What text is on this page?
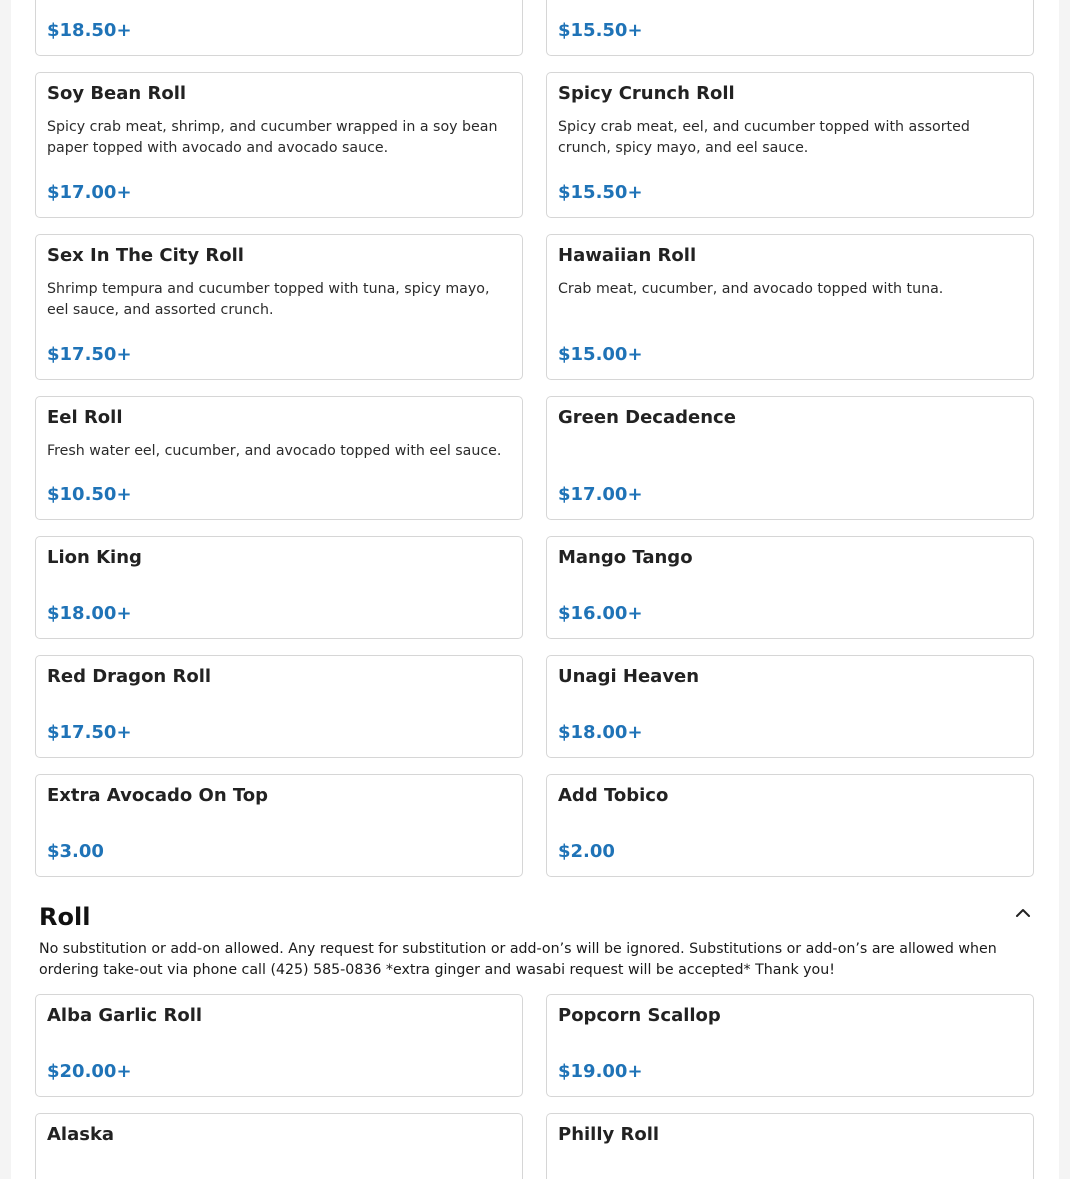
$18.50+	$15.50+
Soy Bean Roll
Spicy crab meat, shrimp, and cucumber wrapped in a soy bean paper topped with avocado and avocado sauce.
$17.00+
Spicy Crunch Roll
Spicy crab meat, eel, and cucumber topped with assorted crunch, spicy mayo, and eel sauce.
$15.50+
Sex In The City Roll
Shrimp tempura and cucumber topped with tuna, spicy mayo, eel sauce, and assorted crunch.
$17.50+
Hawaiian Roll
Crab meat, cucumber, and avocado topped with tuna.
$15.00+
Eel Roll
Fresh water eel, cucumber, and avocado topped with eel sauce.
$10.50+
Green Decadence
$17.00+
Lion King
$18.00+
Mango Tango
$16.00+
Red Dragon Roll
$17.50+
Unagi Heaven
$18.00+
Extra Avocado On Top
$3.00
Add Tobico
$2.00
Roll
No substitution or add-on allowed. Any request for substitution or add-on’s will be ignored. Substitutions or add-on’s are allowed when ordering take-out via phone call (425) 585-0836 *extra ginger and wasabi request will be accepted* Thank you!
Alba Garlic Roll
$20.00+
Popcorn Scallop
$19.00+
Alaska	Philly Roll
